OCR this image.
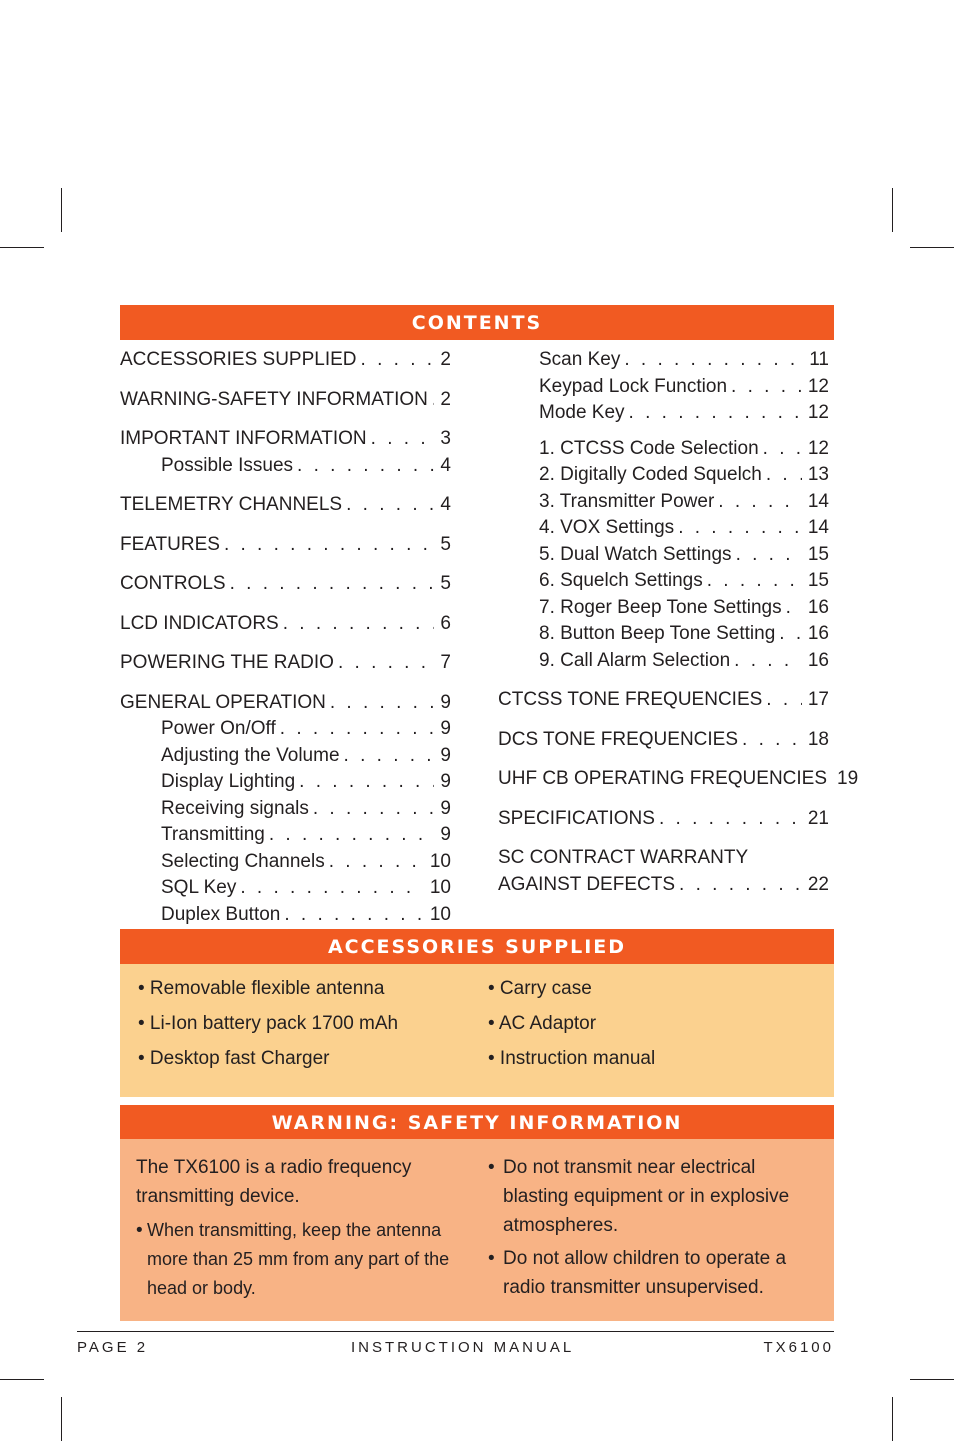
CONTENTS
ACCESSORIES SUPPLIED . . .	2
WARNING-SAFETY INFORMATION . . . 2
IMPORTANT INFORMATION . . .	3
Possible Issues . . .	4
TELEMETRY CHANNELS . . .	4
FEATURES . . .	5
CONTROLS . . .	5
LCD INDICATORS . . .	6
POWERING THE RADIO . . .	7
GENERAL OPERATION . . .	9
Power On/Off . . .	9
Adjusting the Volume . . .	9
Display Lighting . . .	9
Receiving signals . . .	9
Transmitting . . .	9
Selecting Channels . . .	10
SQL Key . . .	10
Duplex Button . . .	10
Scan Key . . .	11
Keypad Lock Function . . .	12
Mode Key . . .	12
1. CTCSS Code Selection . . .	12
2. Digitally Coded Squelch . . .	13
3. Transmitter Power . . .	14
4. VOX Settings . . .	14
5. Dual Watch Settings . . .	15
6. Squelch Settings . . .	15
7. Roger Beep Tone Settings . . .	16
8. Button Beep Tone Setting . . .	16
9. Call Alarm Selection . . .	16
CTCSS TONE FREQUENCIES . . .	17
DCS TONE FREQUENCIES . . .	18
UHF CB OPERATING FREQUENCIES . . . 19
SPECIFICATIONS . . .	21
SC CONTRACT WARRANTY
AGAINST DEFECTS . . .	22
ACCESSORIES SUPPLIED
• Removable flexible antenna
• Li-Ion battery pack 1700 mAh
• Desktop fast Charger
• Carry case
• AC Adaptor
• Instruction manual
WARNING: SAFETY INFORMATION
The TX6100 is a radio frequency transmitting device.
• When transmitting, keep the antenna more than 25 mm from any part of the head or body.
• Do not transmit near electrical blasting equipment or in explosive atmospheres.
• Do not allow children to operate a radio transmitter unsupervised.
PAGE 2	INSTRUCTION MANUAL	TX6100
